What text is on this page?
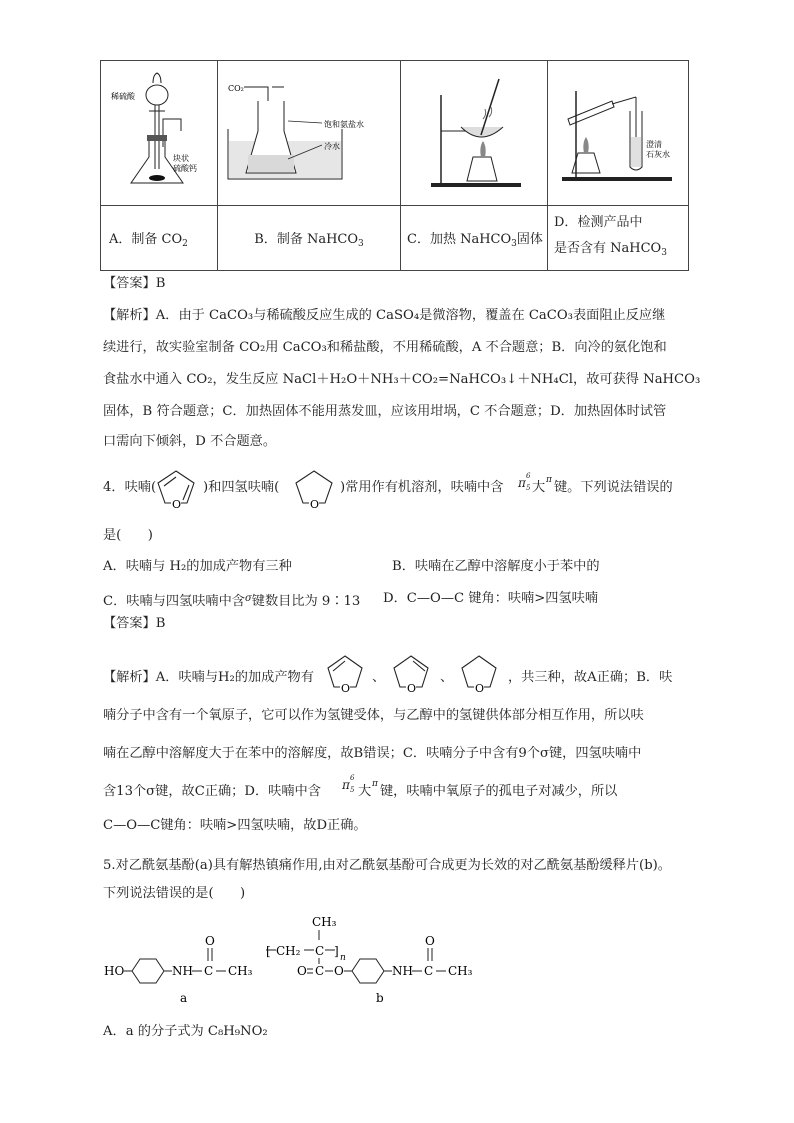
稀硫酸
块状
硫酸钙	CO₂
饱和氨盐水
冷水		澄清
石灰水

A．制备 $CO_2$	B．制备 NaHCO$_3$	C．加热 NaHCO$_3$固体	D．检测产品中
是否含有 NaHCO$_3$
【答案】B
【解析】A．由于 CaCO₃与稀硫酸反应生成的 CaSO₄是微溶物，覆盖在 CaCO₃表面阻止反应继
续进行，故实验室制备 CO₂用 CaCO₃和稀盐酸，不用稀硫酸，A 不合题意；B．向冷的氨化饱和
食盐水中通入 CO₂，发生反应 NaCl＋H₂O＋NH₃＋CO₂=NaHCO₃↓＋NH₄Cl，故可获得 NaHCO₃
固体，B 符合题意；C．加热固体不能用蒸发皿，应该用坩埚，C 不合题意；D．加热固体时试管
口需向下倾斜，D 不合题意。
4．呋喃(
O
)和四氢呋喃(
O
)常用作有机溶剂，呋喃中含 π 6
5 大 π 键。下列说法错误的
是(　　)
A．呋喃与 H₂的加成产物有三种	B．呋喃在乙醇中溶解度小于苯中的
C．呋喃与四氢呋喃中含$^\sigma$键数目比为 9∶13 D．C—O—C 键角：呋喃>四氢呋喃
【答案】B
【解析】A．呋喃与H₂的加成产物有
O
、
O
、
O
，共三种，故A正确；B．呋
喃分子中含有一个氧原子，它可以作为氢键受体，与乙醇中的氢键供体部分相互作用，所以呋
喃在乙醇中溶解度大于在苯中的溶解度，故B错误；C．呋喃分子中含有9个σ键，四氢呋喃中
含13个σ键，故C正确；D．呋喃中含 π 6
5 大 π 键，呋喃中氧原子的孤电子对减少，所以
C—O—C键角：呋喃>四氢呋喃，故D正确。
5.对乙酰氨基酚(a)具有解热镇痛作用,由对乙酰氨基酚可合成更为长效的对乙酰氨基酚缓释片(b)。
下列说法错误的是(　　)
HO	NH C
O
CH₃
a
[ CH₂ C
CH₃
] n
O C O	NH C
O
CH₃
b
A．a 的分子式为 C₈H₉NO₂
